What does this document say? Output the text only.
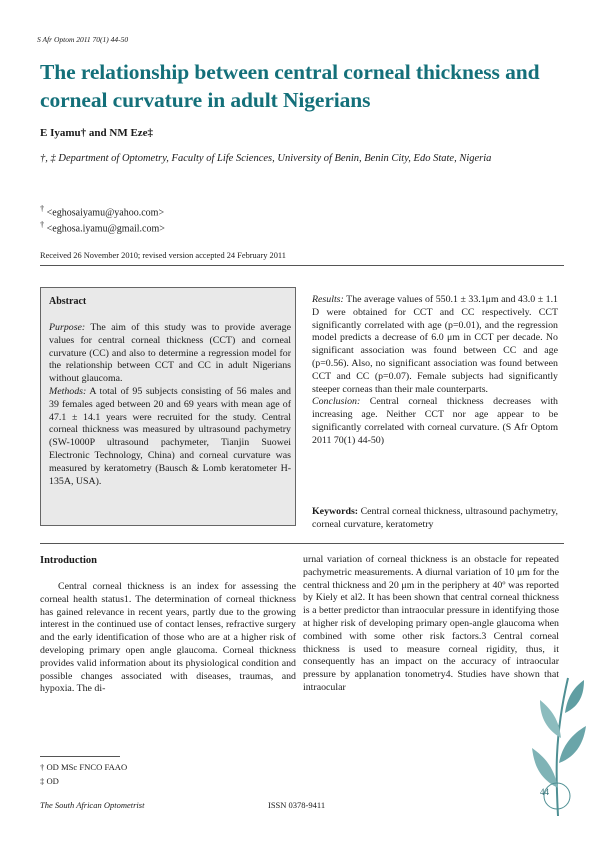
S Afr Optom 2011 70(1) 44-50
The relationship between central corneal thickness and corneal curvature in adult Nigerians
E Iyamu† and NM Eze‡
†, ‡ Department of Optometry, Faculty of Life Sciences, University of Benin, Benin City, Edo State, Nigeria
† <eghosaiyamu@yahoo.com>
† <eghosa.iyamu@gmail.com>
Received 26 November 2010; revised version accepted 24 February 2011
Abstract

Purpose: The aim of this study was to provide average values for central corneal thickness (CCT) and corneal curvature (CC) and also to determine a regression model for the relationship between CCT and CC in adult Nigerians without glaucoma.

Methods: A total of 95 subjects consisting of 56 males and 39 females aged between 20 and 69 years with mean age of 47.1 ± 14.1 years were recruited for the study. Central corneal thickness was measured by ultrasound pachymetry (SW-1000P ultrasound pachymeter, Tianjin Suowei Electronic Technology, China) and corneal curvature was measured by keratometry (Bausch & Lomb keratometer H-135A, USA).

Results: The average values of 550.1 ± 33.1μm and 43.0 ± 1.1 D were obtained for CCT and CC respectively. CCT significantly correlated with age (p=0.01), and the regression model predicts a decrease of 6.0 μm in CCT per decade. No significant association was found between CC and age (p=0.56). Also, no significant association was found between CCT and CC (p=0.07). Female subjects had significantly steeper corneas than their male counterparts.

Conclusion: Central corneal thickness decreases with increasing age. Neither CCT nor age appear to be significantly correlated with corneal curvature. (S Afr Optom 2011 70(1) 44-50)

Keywords: Central corneal thickness, ultrasound pachymetry, corneal curvature, keratometry
Introduction

Central corneal thickness is an index for assessing the corneal health status1. The determination of corneal thickness has gained relevance in recent years, partly due to the growing interest in the continued use of contact lenses, refractive surgery and the early identification of those who are at a higher risk of developing primary open angle glaucoma. Corneal thickness provides valid information about its physiological condition and possible changes associated with diseases, traumas, and hypoxia. The di-

urnal variation of corneal thickness is an obstacle for repeated pachymetric measurements. A diurnal variation of 10 μm for the central thickness and 20 μm in the periphery at 40º was reported by Kiely et al2. It has been shown that central corneal thickness is a better predictor than intraocular pressure in identifying those at higher risk of developing primary open-angle glaucoma when combined with some other risk factors.3 Central corneal thickness is used to measure corneal rigidity, thus, it consequently has an impact on the accuracy of intraocular pressure by applanation tonometry4. Studies have shown that intraocular

† OD MSc FNCO FAAO
‡ OD
The South African Optometrist	ISSN 0378-9411
44
